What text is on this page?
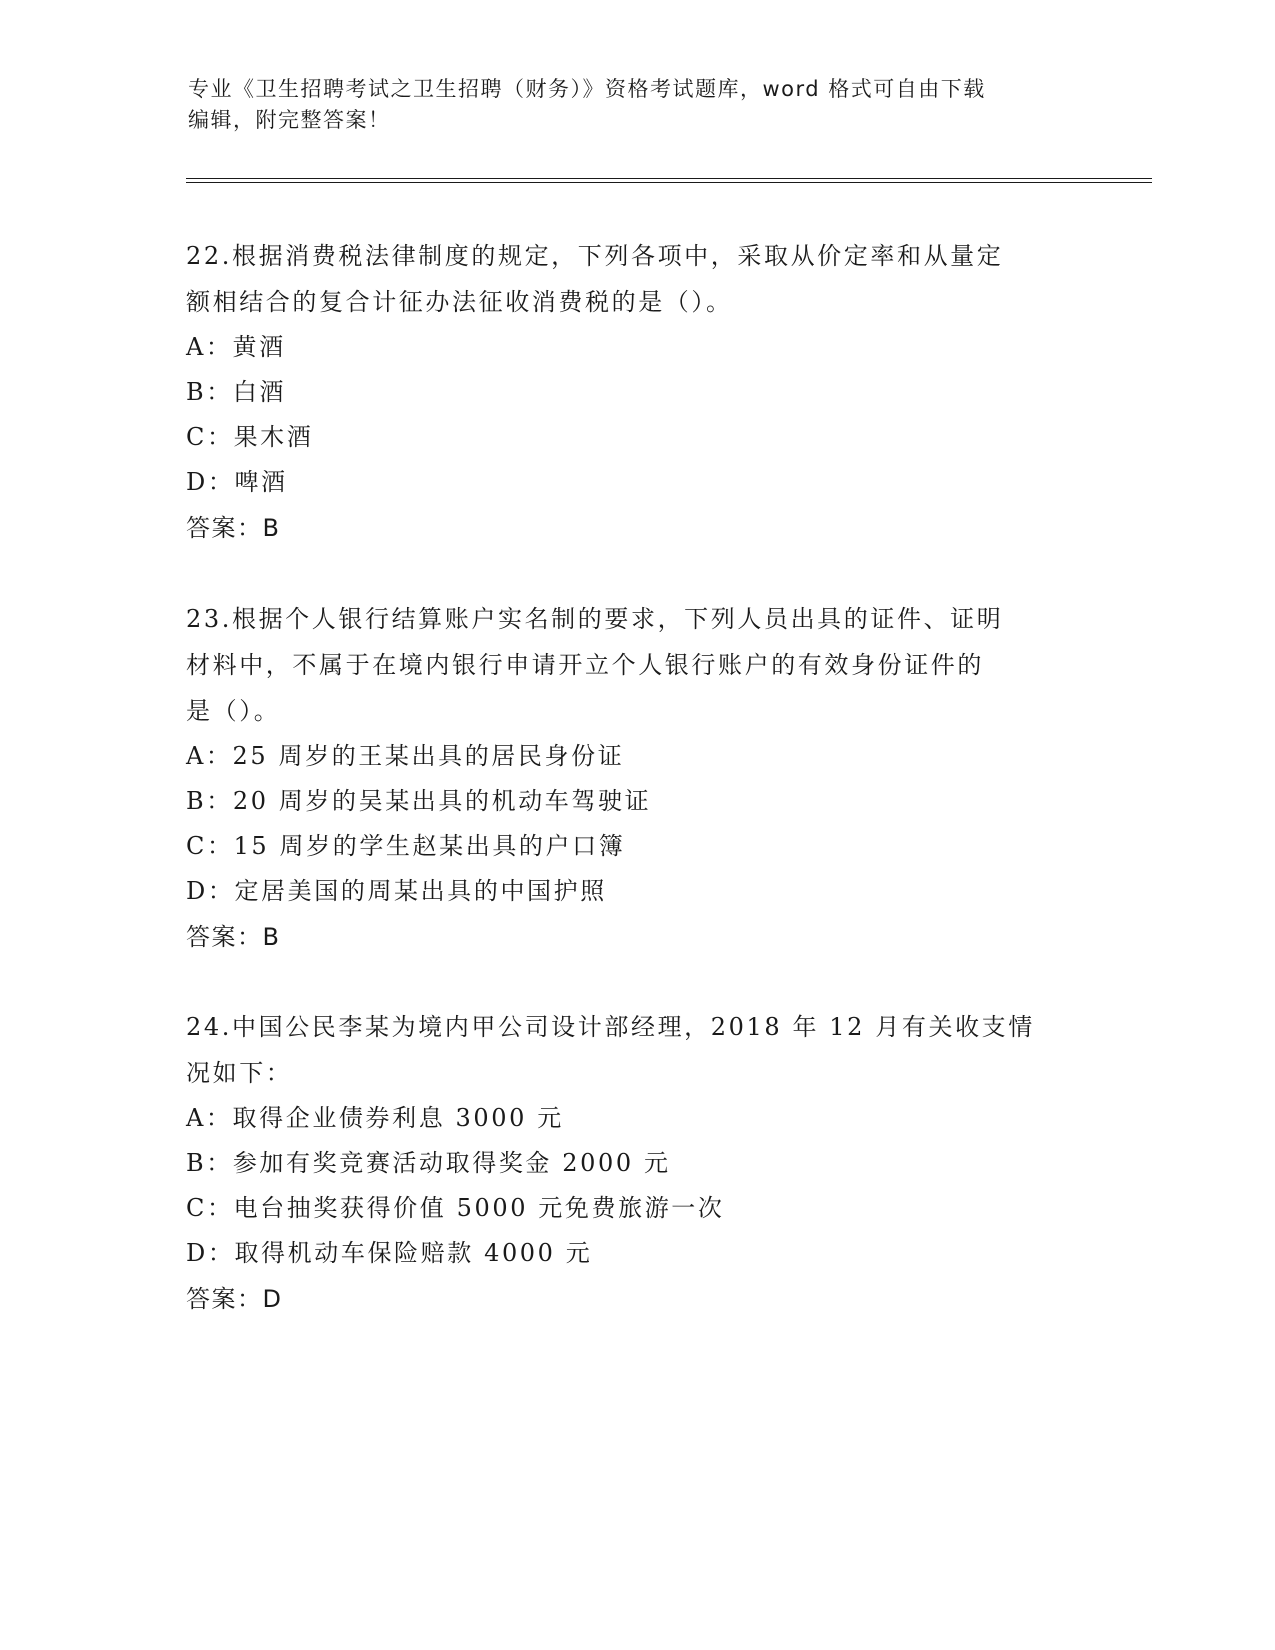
专业《卫生招聘考试之卫生招聘（财务）》资格考试题库，word 格式可自由下载
编辑，附完整答案！
22.根据消费税法律制度的规定，下列各项中，采取从价定率和从量定
额相结合的复合计征办法征收消费税的是（）。
A：黄酒
B：白酒
C：果木酒
D：啤酒
答案：B
23.根据个人银行结算账户实名制的要求，下列人员出具的证件、证明
材料中，不属于在境内银行申请开立个人银行账户的有效身份证件的
是（）。
A：25 周岁的王某出具的居民身份证
B：20 周岁的吴某出具的机动车驾驶证
C：15 周岁的学生赵某出具的户口簿
D：定居美国的周某出具的中国护照
答案：B
24.中国公民李某为境内甲公司设计部经理，2018 年 12 月有关收支情
况如下：
A：取得企业债券利息 3000 元
B：参加有奖竞赛活动取得奖金 2000 元
C：电台抽奖获得价值 5000 元免费旅游一次
D：取得机动车保险赔款 4000 元
答案：D
